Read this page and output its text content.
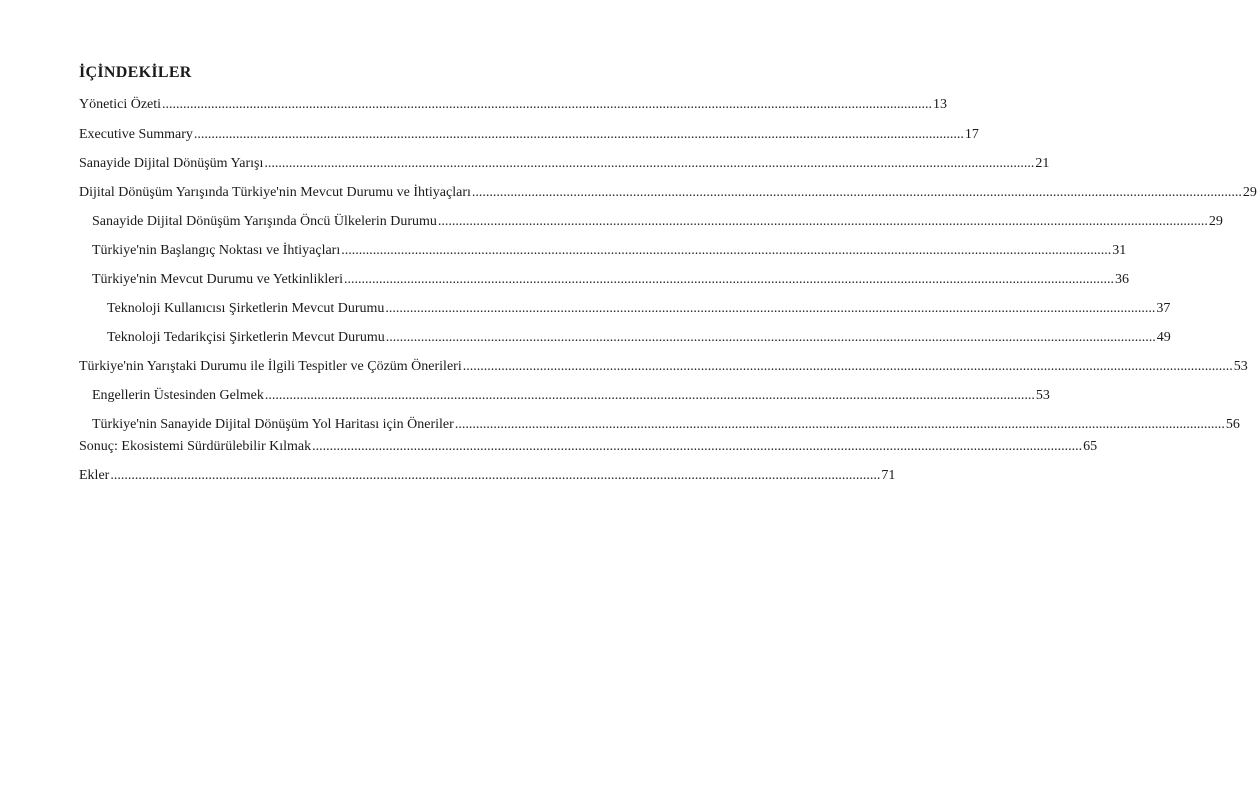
İÇİNDEKİLER
Yönetici Özeti .....	13
Executive Summary .....	17
Sanayide Dijital Dönüşüm Yarışı .....	21
Dijital Dönüşüm Yarışında Türkiye'nin Mevcut Durumu ve İhtiyaçları .....	29
Sanayide Dijital Dönüşüm Yarışında Öncü Ülkelerin Durumu .....	29
Türkiye'nin Başlangıç Noktası ve İhtiyaçları .....	31
Türkiye'nin Mevcut Durumu ve Yetkinlikleri .....	36
Teknoloji Kullanıcısı Şirketlerin Mevcut Durumu .....	37
Teknoloji Tedarikçisi Şirketlerin Mevcut Durumu .....	49
Türkiye'nin Yarıştaki Durumu ile İlgili Tespitler ve Çözüm Önerileri .....	53
Engellerin Üstesinden Gelmek .....	53
Türkiye'nin Sanayide Dijital Dönüşüm Yol Haritası için Öneriler .....	56
Sonuç: Ekosistemi Sürdürülebilir Kılmak .....	65
Ekler .....	71
